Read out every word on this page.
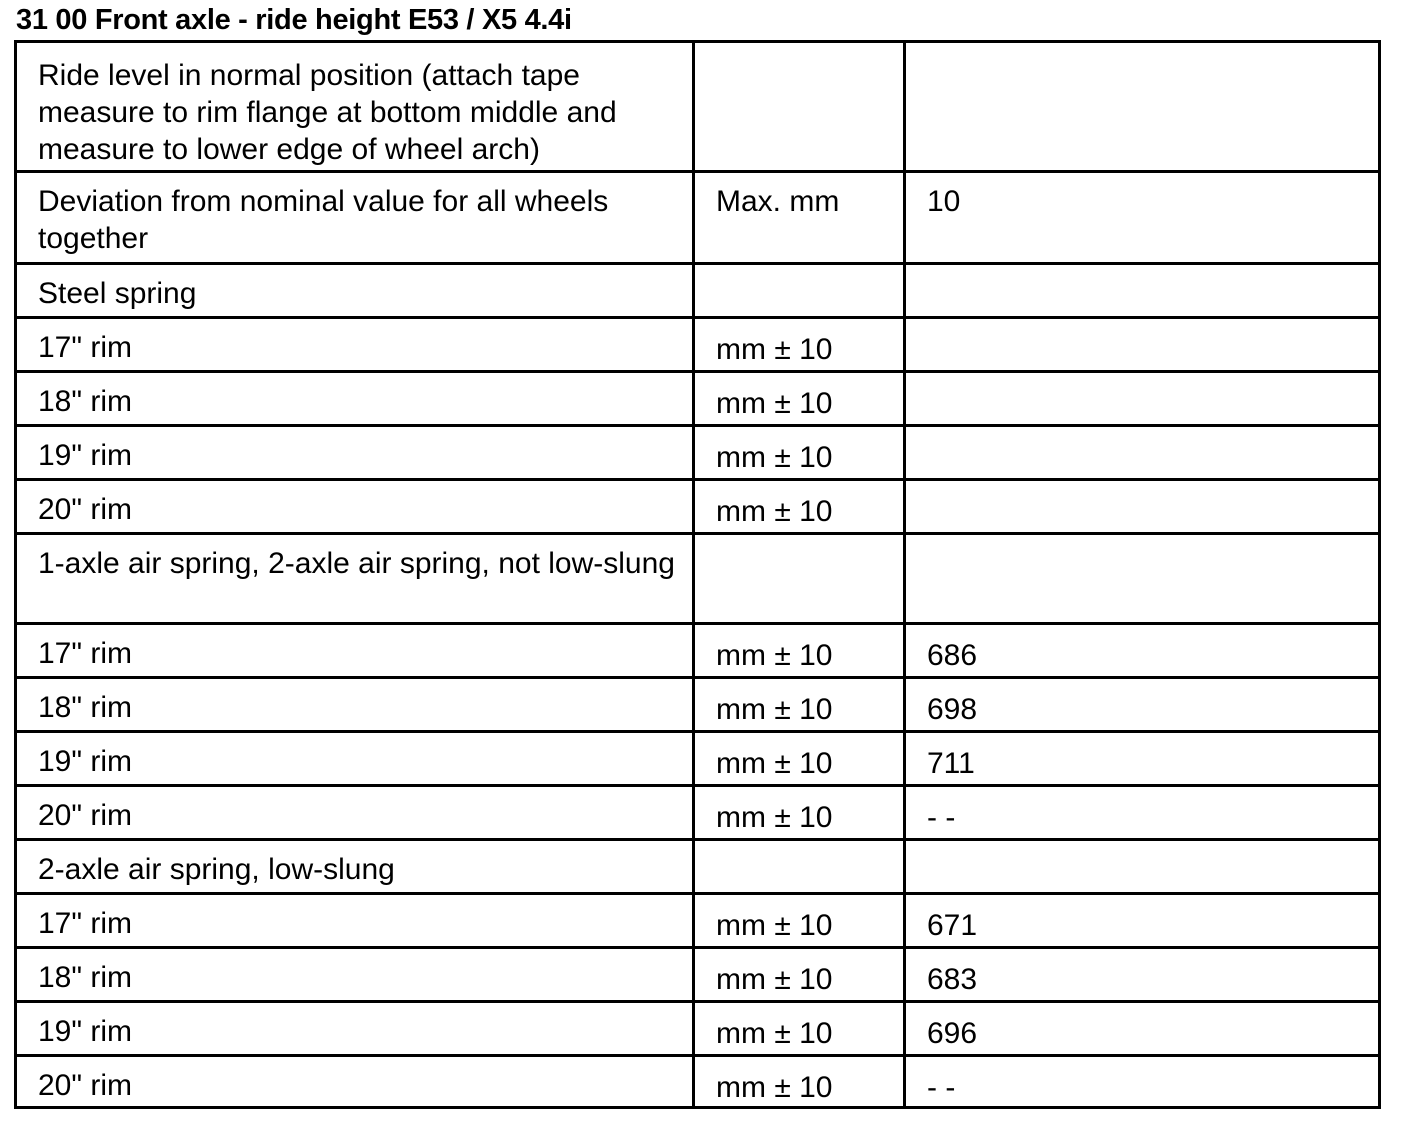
31 00 Front axle - ride height E53 / X5 4.4i
Ride level in normal position (attach tape measure to rim flange at bottom middle and measure to lower edge of wheel arch)		
Deviation from nominal value for all wheels together	Max. mm	10
Steel spring		
17" rim	mm ± 10	
18" rim	mm ± 10	
19" rim	mm ± 10	
20" rim	mm ± 10	
1-axle air spring, 2-axle air spring, not low-slung		
17" rim	mm ± 10	686
18" rim	mm ± 10	698
19" rim	mm ± 10	711
20" rim	mm ± 10	- -
2-axle air spring, low-slung		
17" rim	mm ± 10	671
18" rim	mm ± 10	683
19" rim	mm ± 10	696
20" rim	mm ± 10	- -
